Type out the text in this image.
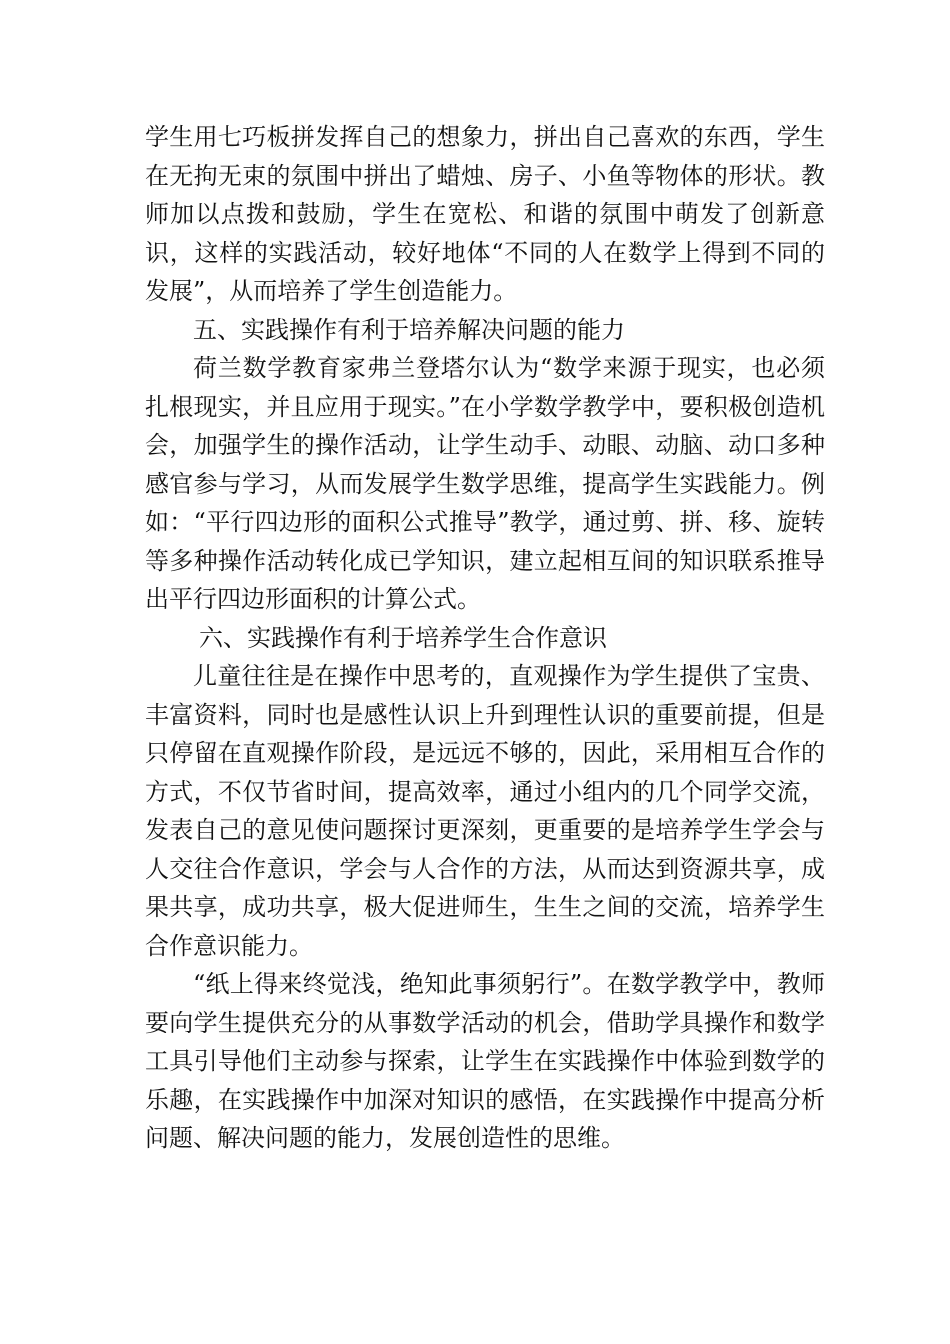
学生用七巧板拼发挥自己的想象力，拼出自己喜欢的东西，学生在无拘无束的氛围中拼出了蜡烛、房子、小鱼等物体的形状。教师加以点拨和鼓励，学生在宽松、和谐的氛围中萌发了创新意识，这样的实践活动，较好地体“不同的人在数学上得到不同的发展”，从而培养了学生创造能力。

五、实践操作有利于培养解决问题的能力

荷兰数学教育家弗兰登塔尔认为“数学来源于现实，也必须扎根现实，并且应用于现实。”在小学数学教学中，要积极创造机会，加强学生的操作活动，让学生动手、动眼、动脑、动口多种感官参与学习，从而发展学生数学思维，提高学生实践能力。例如：“平行四边形的面积公式推导”教学，通过剪、拼、移、旋转等多种操作活动转化成已学知识，建立起相互间的知识联系推导出平行四边形面积的计算公式。

六、实践操作有利于培养学生合作意识

儿童往往是在操作中思考的，直观操作为学生提供了宝贵、丰富资料，同时也是感性认识上升到理性认识的重要前提，但是只停留在直观操作阶段，是远远不够的，因此，采用相互合作的方式，不仅节省时间，提高效率，通过小组内的几个同学交流，发表自己的意见使问题探讨更深刻，更重要的是培养学生学会与人交往合作意识，学会与人合作的方法，从而达到资源共享，成果共享，成功共享，极大促进师生，生生之间的交流，培养学生合作意识能力。

“纸上得来终觉浅，绝知此事须躬行”。在数学教学中，教师要向学生提供充分的从事数学活动的机会，借助学具操作和数学工具引导他们主动参与探索，让学生在实践操作中体验到数学的乐趣，在实践操作中加深对知识的感悟，在实践操作中提高分析问题、解决问题的能力，发展创造性的思维。
